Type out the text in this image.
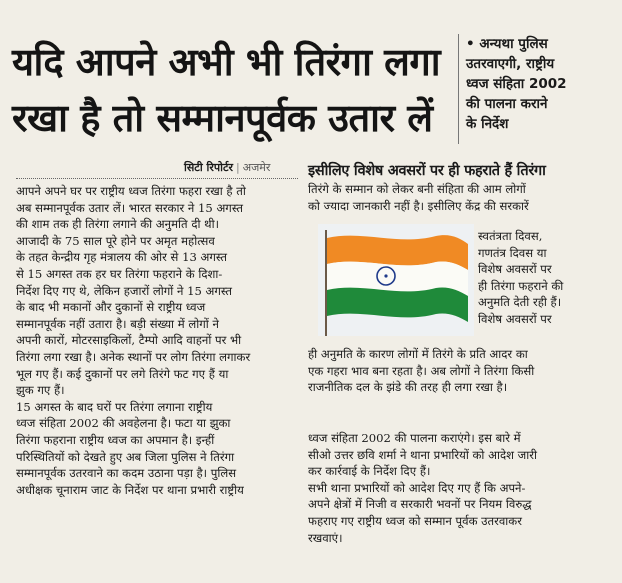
यदि आपने अभी भी तिरंगा लगा
रखा है तो सम्मानपूर्वक उतार लें
• अन्यथा पुलिस
उतरवाएगी, राष्ट्रीय
ध्वज संहिता 2002
की पालना कराने
के निर्देश
सिटी रिपोर्टर | अजमेर
आपने अपने घर पर राष्ट्रीय ध्वज तिरंगा फहरा रखा है तो
अब सम्मानपूर्वक उतार लें। भारत सरकार ने 15 अगस्त
की शाम तक ही तिरंगा लगाने की अनुमति दी थी।
आजादी के 75 साल पूरे होने पर अमृत महोत्सव
के तहत केन्द्रीय गृह मंत्रालय की ओर से 13 अगस्त
से 15 अगस्त तक हर घर तिरंगा फहराने के दिशा-
निर्देश दिए गए थे, लेकिन हजारों लोगों ने 15 अगस्त
के बाद भी मकानों और दुकानों से राष्ट्रीय ध्वज
सम्मानपूर्वक नहीं उतारा है। बड़ी संख्या में लोगों ने
अपनी कारों, मोटरसाइकिलों, टैम्पो आदि वाहनों पर भी
तिरंगा लगा रखा है। अनेक स्थानों पर लोग तिरंगा लगाकर
भूल गए हैं। कई दुकानों पर लगे तिरंगे फट गए हैं या
झुक गए हैं।
15 अगस्त के बाद घरों पर तिरंगा लगाना राष्ट्रीय
ध्वज संहिता 2002 की अवहेलना है। फटा या झुका
तिरंगा फहराना राष्ट्रीय ध्वज का अपमान है। इन्हीं
परिस्थितियों को देखते हुए अब जिला पुलिस ने तिरंगा
सम्मानपूर्वक उतरवाने का कदम उठाना पड़ा है। पुलिस
अधीक्षक चूनाराम जाट के निर्देश पर थाना प्रभारी राष्ट्रीय
इसीलिए विशेष अवसरों पर ही फहराते हैं तिरंगा
तिरंगे के सम्मान को लेकर बनी संहिता की आम लोगों
को ज्यादा जानकारी नहीं है। इसीलिए केंद्र की सरकारें
स्वतंत्रता दिवस,
गणतंत्र दिवस या
विशेष अवसरों पर
ही तिरंगा फहराने की
अनुमति देती रही हैं।
विशेष अवसरों पर
ही अनुमति के कारण लोगों में तिरंगे के प्रति आदर का
एक गहरा भाव बना रहता है। अब लोगों ने तिरंगा किसी
राजनीतिक दल के झंडे की तरह ही लगा रखा है।
ध्वज संहिता 2002 की पालना कराएंगे। इस बारे में
सीओ उत्तर छवि शर्मा ने थाना प्रभारियों को आदेश जारी
कर कार्रवाई के निर्देश दिए हैं।
सभी थाना प्रभारियों को आदेश दिए गए हैं कि अपने-
अपने क्षेत्रों में निजी व सरकारी भवनों पर नियम विरुद्ध
फहराए गए राष्ट्रीय ध्वज को सम्मान पूर्वक उतरवाकर
रखवाएं।
